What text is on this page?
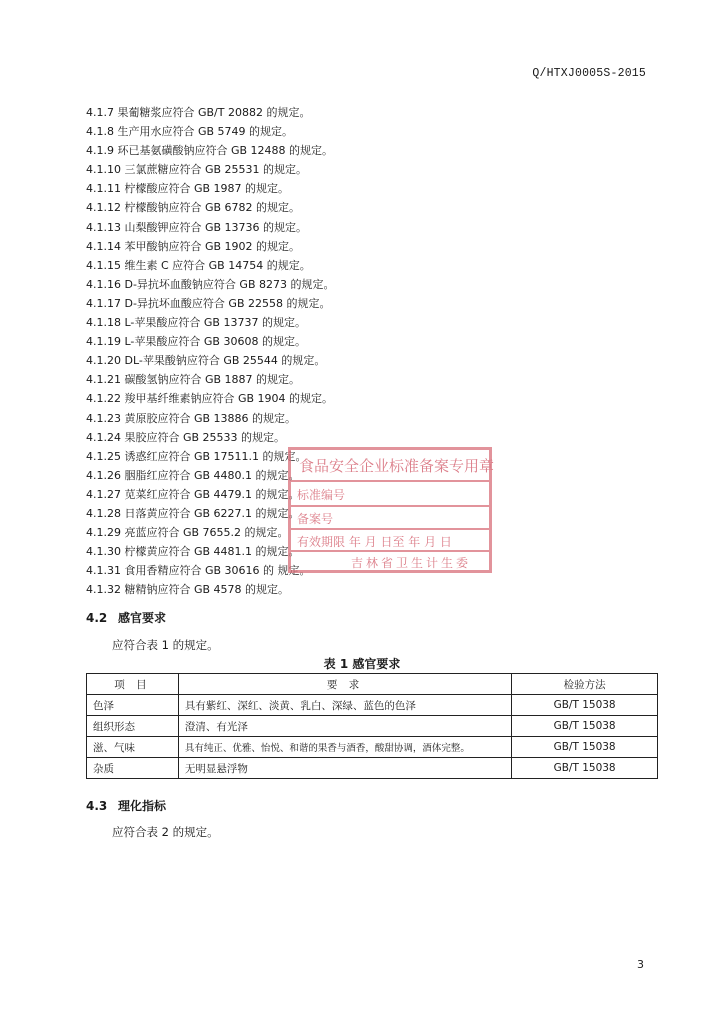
Q/HTXJ0005S-2015
4.1.7 果葡糖浆应符合 GB/T 20882 的规定。
4.1.8 生产用水应符合 GB 5749 的规定。
4.1.9 环已基氨磺酸钠应符合 GB 12488 的规定。
4.1.10 三氯蔗糖应符合 GB 25531 的规定。
4.1.11 柠檬酸应符合 GB 1987 的规定。
4.1.12 柠檬酸钠应符合 GB 6782 的规定。
4.1.13 山梨酸钾应符合 GB 13736 的规定。
4.1.14 苯甲酸钠应符合 GB 1902 的规定。
4.1.15 维生素 C 应符合 GB 14754 的规定。
4.1.16 D-异抗坏血酸钠应符合 GB 8273 的规定。
4.1.17 D-异抗坏血酸应符合 GB 22558 的规定。
4.1.18 L-苹果酸应符合 GB 13737 的规定。
4.1.19 L-苹果酸应符合 GB 30608 的规定。
4.1.20 DL-苹果酸钠应符合 GB 25544 的规定。
4.1.21 碳酸氢钠应符合 GB 1887 的规定。
4.1.22 羧甲基纤维素钠应符合 GB 1904 的规定。
4.1.23 黄原胶应符合 GB 13886 的规定。
4.1.24 果胶应符合 GB 25533 的规定。
4.1.25 诱惑红应符合 GB 17511.1 的规定。
4.1.26 胭脂红应符合 GB 4480.1 的规定。
4.1.27 苋菜红应符合 GB 4479.1 的规定。
4.1.28 日落黄应符合 GB 6227.1 的规定。
4.1.29 亮蓝应符合 GB 7655.2 的规定。
4.1.30 柠檬黄应符合 GB 4481.1 的规定。
4.1.31 食用香精应符合 GB 30616 的 规定。
4.1.32 糖精钠应符合 GB 4578 的规定。
4.2 感官要求
应符合表 1 的规定。
表 1 感官要求
项 目	要 求	检验方法
色泽	具有紫红、深红、淡黄、乳白、深绿、蓝色的色泽	GB/T 15038
组织形态	澄清、有光泽	GB/T 15038
滋、气味	具有纯正、优雅、怡悦、和谐的果香与酒香，酸甜协调，酒体完整。	GB/T 15038
杂质	无明显悬浮物	GB/T 15038
4.3 理化指标
应符合表 2 的规定。
食品安全企业标准备案专用章
标准编号
备案号
有效期限 年 月 日至 年 月 日
吉林省卫生计生委
3
